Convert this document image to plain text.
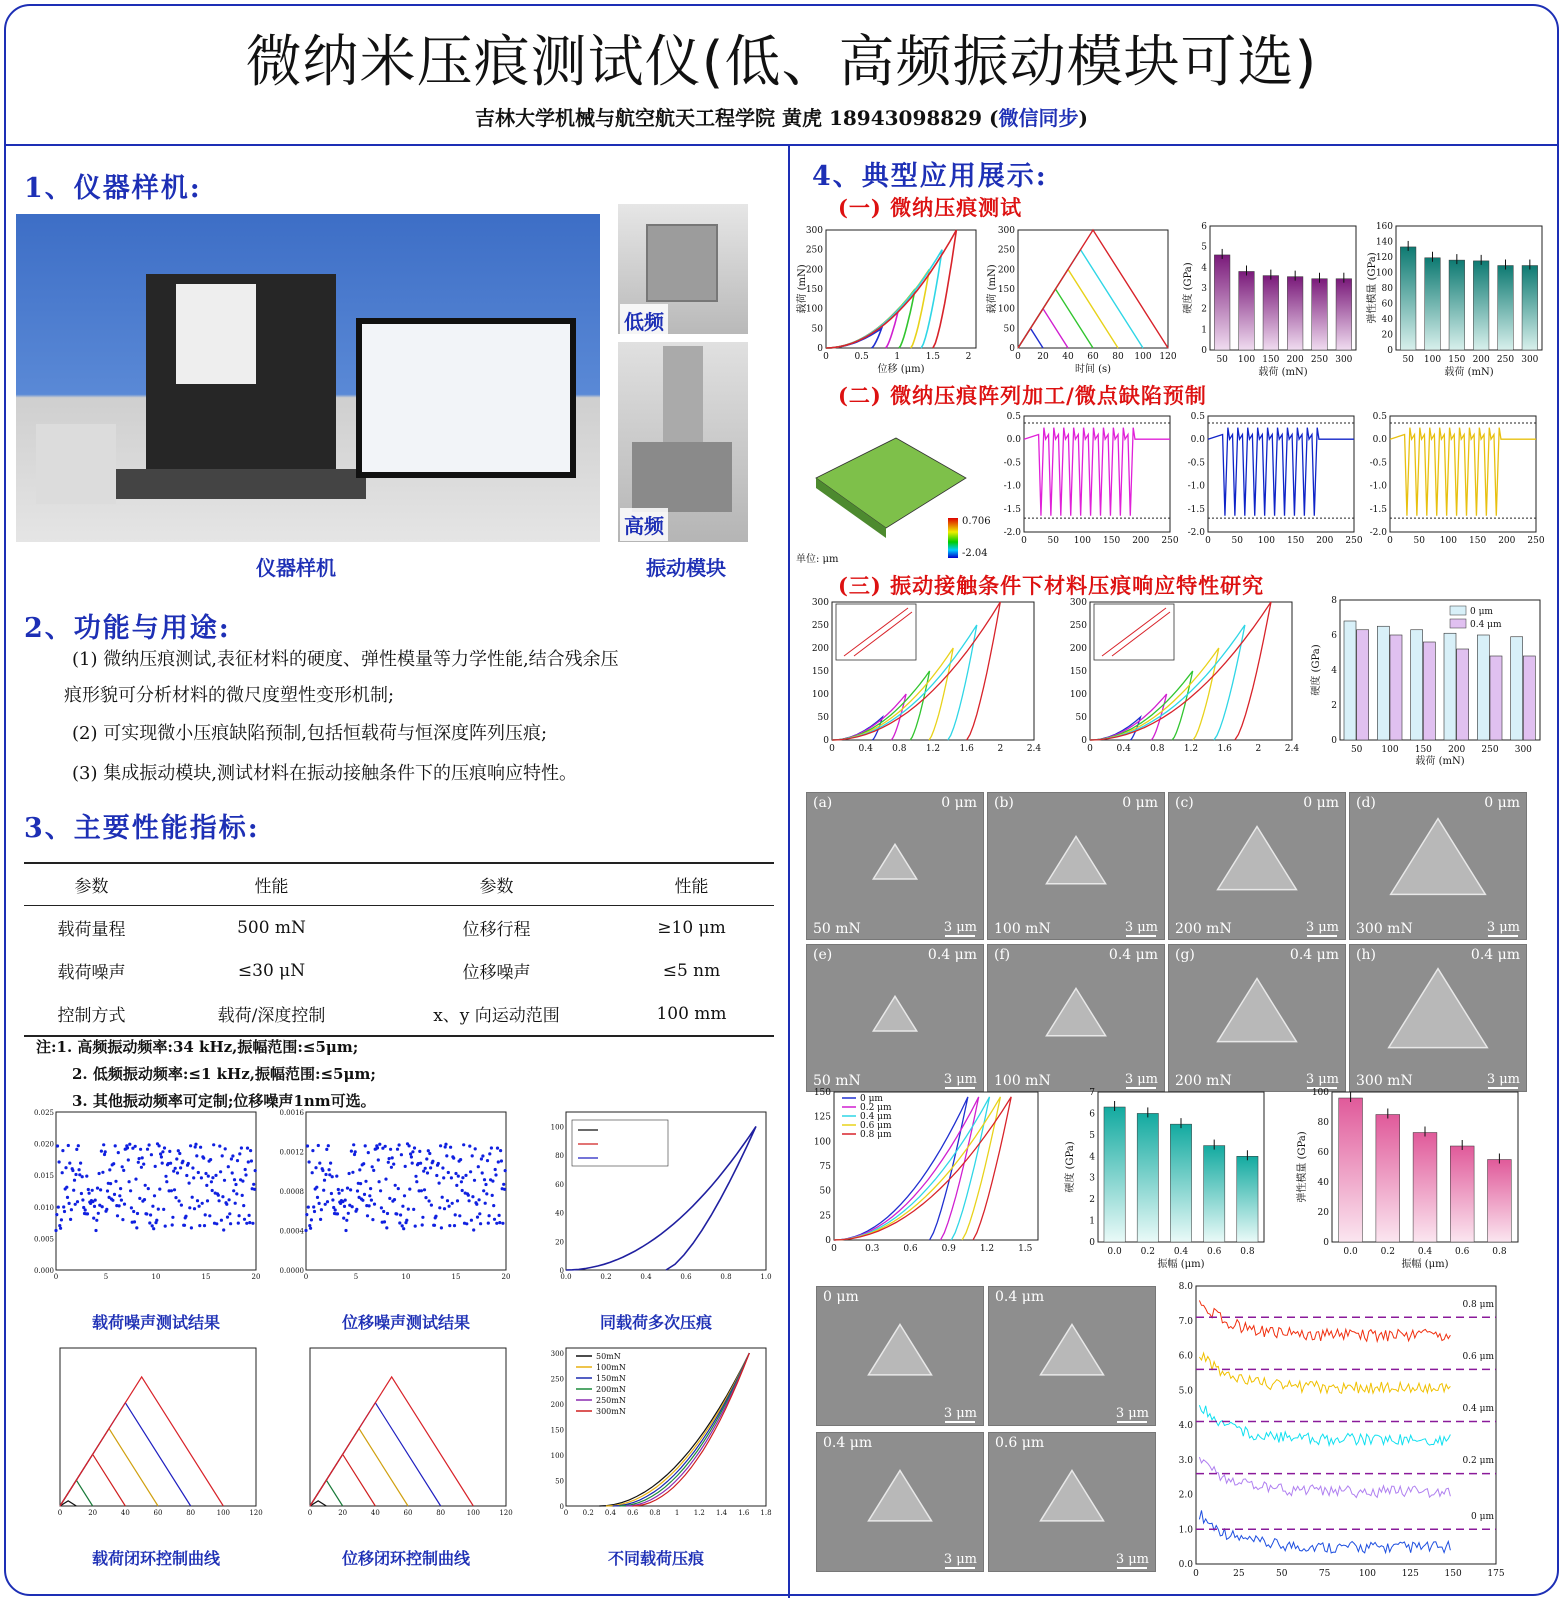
微纳米压痕测试仪(低、高频振动模块可选)
吉林大学机械与航空航天工程学院 黄虎 18943098829 (微信同步)
1、仪器样机:
低频
高频
仪器样机	振动模块
2、功能与用途:
(1) 微纳压痕测试,表征材料的硬度、弹性模量等力学性能,结合残余压
痕形貌可分析材料的微尺度塑性变形机制;
(2) 可实现微小压痕缺陷预制,包括恒载荷与恒深度阵列压痕;
(3) 集成振动模块,测试材料在振动接触条件下的压痕响应特性。
3、主要性能指标:
参数	性能	参数	性能
载荷量程	500 mN	位移行程	≥10 μm
载荷噪声	≤30 μN	位移噪声	≤5 nm
控制方式	载荷/深度控制	x、y 向运动范围	100 mm
注:1. 高频振动频率:34 kHz,振幅范围:≤5μm;
2. 低频振动频率:≤1 kHz,振幅范围:≤5μm;
3. 其他振动频率可定制;位移噪声1nm可选。
0.000
0.005
0.010
0.015
0.020
0.025
0	5	10	15	20
0.0000
0.0004
0.0008
0.0012
0.0016
0	5	10	15	20
0
20
40
60
80
100
0.0	0.2	0.4	0.6	0.8	1.0
载荷噪声测试结果	位移噪声测试结果	同载荷多次压痕
0	20	40	60	80	100	120	0	20	40	60	80	100	120
50mN
100mN
150mN
200mN
250mN
300mN
0
50
100
150
200
250
300
0 0.2 0.4 0.6 0.8 1 1.2 1.4 1.6 1.8
载荷闭环控制曲线	位移闭环控制曲线	不同载荷压痕
4、典型应用展示:
(一) 微纳压痕测试
0
50
100
150
200
250
300
0	0.5	1	1.5	2
位移 (μm)
载荷 (mN)
0
50
100
150
200
250
300
0 20 40 60 80 100 120
时间 (s)
载荷 (mN)
50 100 150 200 250 300
0
1
2
3
4
5
6
载荷 (mN)
硬度 (GPa)
50 100 150 200 250 300
0
20
40
60
80
100
120
140
160
载荷 (mN)
弹性模量 (GPa)
(二) 微纳压痕阵列加工/微点缺陷预制
0.706
-2.04
单位: μm
0.5
0.0
-0.5
-1.0
-1.5
-2.0
0 50 100 150 200 250
0.5
0.0
-0.5
-1.0
-1.5
-2.0
0 50 100 150 200 250
0.5
0.0
-0.5
-1.0
-1.5
-2.0
0 50 100 150 200 250
(三) 振动接触条件下材料压痕响应特性研究
0
50
100
150
200
250
300
0	0.4 0.8 1.2 1.6	2	2.4
0
50
100
150
200
250
300
0	0.4 0.8 1.2 1.6	2	2.4
0 μm
0.4 μm
50 100 150 200 250 300
0
2
4
6
8
载荷 (mN)
硬度 (GPa)
(a)	0 μm
50 mN	3 μm
(b)	0 μm
100 mN	3 μm
(c)	0 μm
200 mN	3 μm
(d)	0 μm
300 mN	3 μm
(e)	0.4 μm
50 mN	3 μm
(f)	0.4 μm
100 mN	3 μm
(g)	0.4 μm
200 mN	3 μm
(h)	0.4 μm
300 mN	3 μm
0 μm
0.2 μm
0.4 μm
0.6 μm
0.8 μm
0
25
50
75
100
125
150
0	0.3	0.6	0.9	1.2	1.5	0.0 0.2 0.4 0.6 0.8
0
1
2
3
4
5
6
7
振幅 (μm)
硬度 (GPa)
0.0	0.2	0.4	0.6	0.8
0
20
40
60
80
100
振幅 (μm)
弹性模量 (GPa)
0 μm
3 μm
0.4 μm
3 μm
0.4 μm
3 μm
0.6 μm
3 μm
0 μm
0.2 μm
0.4 μm
0.6 μm
0.8 μm
0.0
1.0
2.0
3.0
4.0
5.0
6.0
7.0
8.0
0	25	50	75	100	125	150	175
